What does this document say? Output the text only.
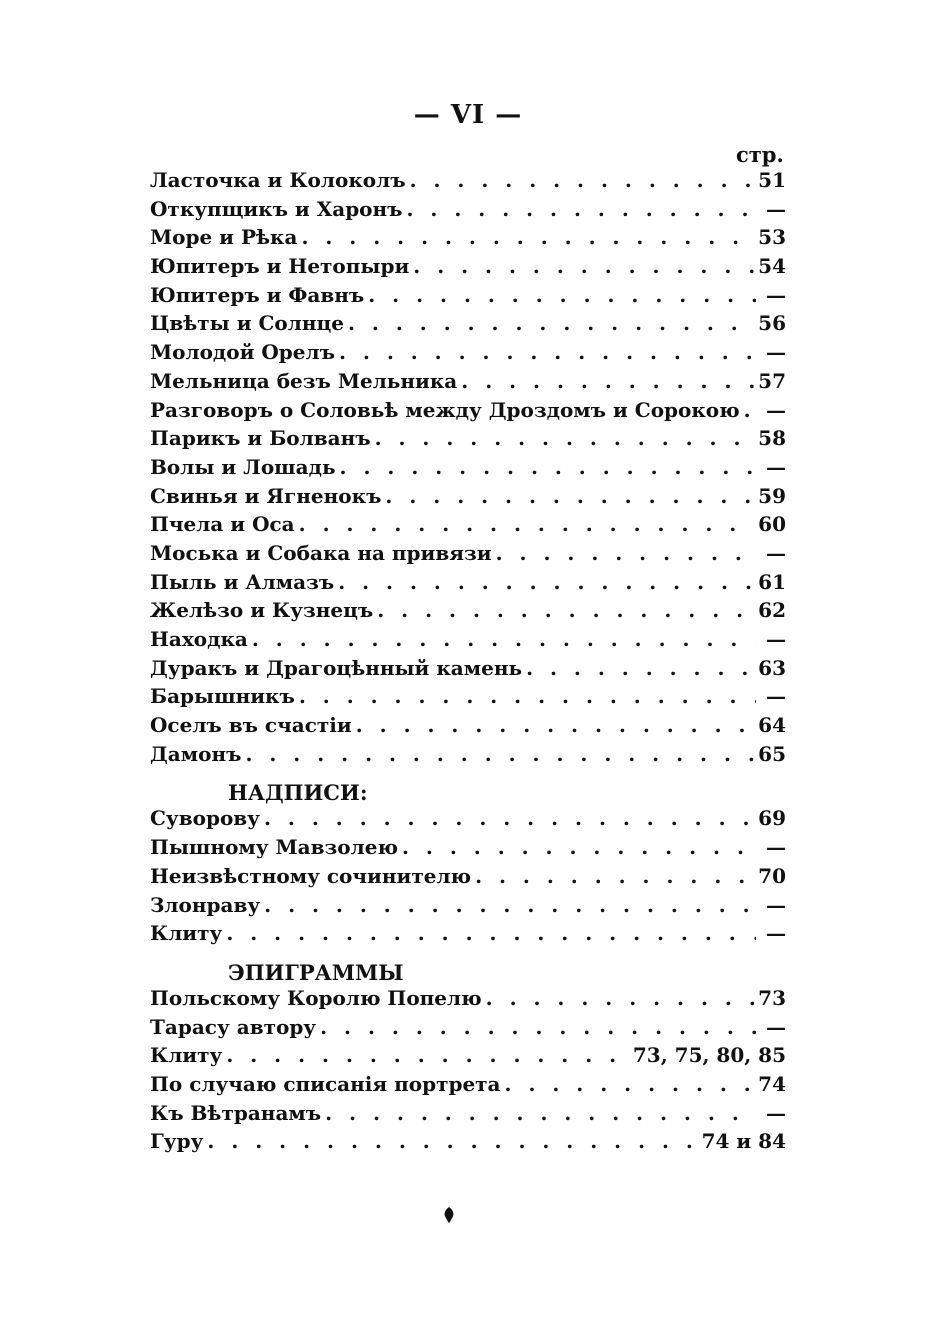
— VI —
стр.
Ласточка и Колоколъ . . .	51
Откупщикъ и Харонъ . . .	—
Море и Рѣка . . .	53
Юпитеръ и Нетопыри . . .	54
Юпитеръ и Фавнъ . . .	—
Цвѣты и Солнце . . .	56
Молодой Орелъ . . .	—
Мельница безъ Мельника . . .	57
Разговоръ о Соловьѣ между Дроздомъ и Сорокою . . .	—
Парикъ и Болванъ . . .	58
Волы и Лошадь . . .	—
Свинья и Ягненокъ . . .	59
Пчела и Оса . . .	60
Моська и Собака на привязи . . .	—
Пыль и Алмазъ . . .	61
Желѣзо и Кузнецъ . . .	62
Находка . . .	—
Дуракъ и Драгоцѣнный камень . . .	63
Барышникъ . . .	—
Оселъ въ счастіи . . .	64
Дамонъ . . .	65
НАДПИСИ:
Суворову . . .	69
Пышному Мавзолею . . .	—
Неизвѣстному сочинителю . . .	70
Злонраву . . .	—
Клиту . . .	—
ЭПИГРАММЫ
Польскому Королю Попелю . . .	73
Тарасу автору . . .	—
Клиту . . .	73, 75, 80, 85
По случаю списанія портрета . . .	74
Къ Вѣтранамъ . . .	—
Гуру . . .	74 и 84
